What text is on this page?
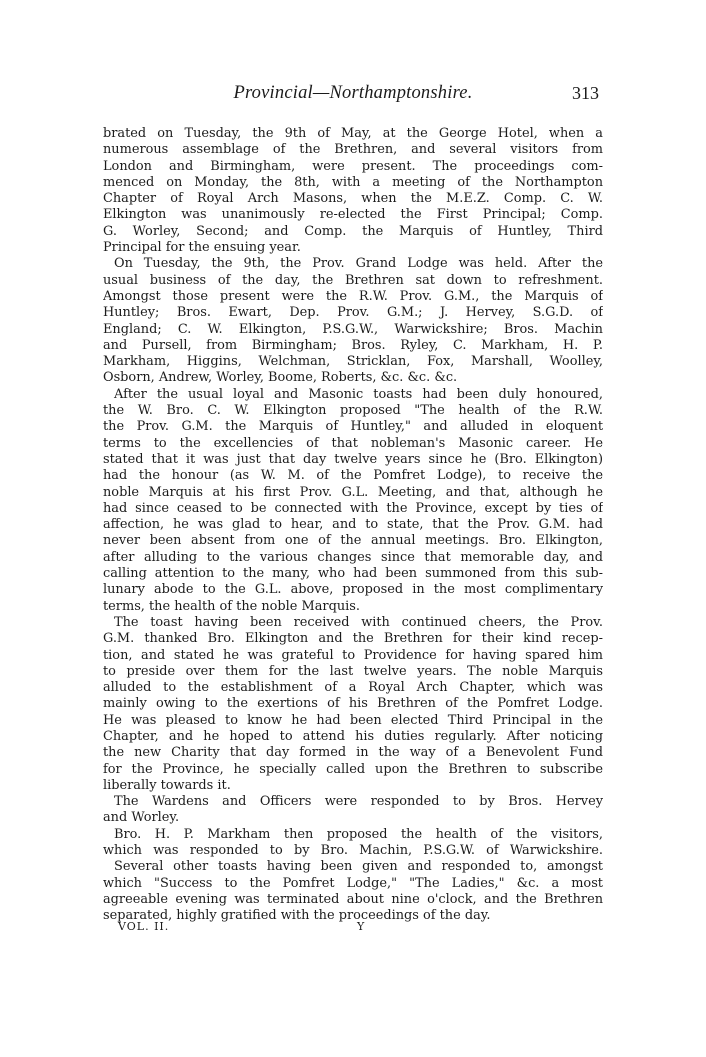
Provincial—Northamptonshire.	313
brated on Tuesday, the 9th of May, at the George Hotel, when a
numerous assemblage of the Brethren, and several visitors from
London and Birmingham, were present. The proceedings com-
menced on Monday, the 8th, with a meeting of the Northampton
Chapter of Royal Arch Masons, when the M.E.Z. Comp. C. W.
Elkington was unanimously re-elected the First Principal; Comp.
G. Worley, Second; and Comp. the Marquis of Huntley, Third
Principal for the ensuing year.
On Tuesday, the 9th, the Prov. Grand Lodge was held. After the
usual business of the day, the Brethren sat down to refreshment.
Amongst those present were the R.W. Prov. G.M., the Marquis of
Huntley; Bros. Ewart, Dep. Prov. G.M.; J. Hervey, S.G.D. of
England; C. W. Elkington, P.S.G.W., Warwickshire; Bros. Machin
and Pursell, from Birmingham; Bros. Ryley, C. Markham, H. P.
Markham, Higgins, Welchman, Stricklan, Fox, Marshall, Woolley,
Osborn, Andrew, Worley, Boome, Roberts, &c. &c. &c.
After the usual loyal and Masonic toasts had been duly honoured,
the W. Bro. C. W. Elkington proposed "The health of the R.W.
the Prov. G.M. the Marquis of Huntley," and alluded in eloquent
terms to the excellencies of that nobleman's Masonic career. He
stated that it was just that day twelve years since he (Bro. Elkington)
had the honour (as W. M. of the Pomfret Lodge), to receive the
noble Marquis at his first Prov. G.L. Meeting, and that, although he
had since ceased to be connected with the Province, except by ties of
affection, he was glad to hear, and to state, that the Prov. G.M. had
never been absent from one of the annual meetings. Bro. Elkington,
after alluding to the various changes since that memorable day, and
calling attention to the many, who had been summoned from this sub-
lunary abode to the G.L. above, proposed in the most complimentary
terms, the health of the noble Marquis.
The toast having been received with continued cheers, the Prov.
G.M. thanked Bro. Elkington and the Brethren for their kind recep-
tion, and stated he was grateful to Providence for having spared him
to preside over them for the last twelve years. The noble Marquis
alluded to the establishment of a Royal Arch Chapter, which was
mainly owing to the exertions of his Brethren of the Pomfret Lodge.
He was pleased to know he had been elected Third Principal in the
Chapter, and he hoped to attend his duties regularly. After noticing
the new Charity that day formed in the way of a Benevolent Fund
for the Province, he specially called upon the Brethren to subscribe
liberally towards it.
The Wardens and Officers were responded to by Bros. Hervey
and Worley.
Bro. H. P. Markham then proposed the health of the visitors,
which was responded to by Bro. Machin, P.S.G.W. of Warwickshire.
Several other toasts having been given and responded to, amongst
which "Success to the Pomfret Lodge," "The Ladies," &c. a most
agreeable evening was terminated about nine o'clock, and the Brethren
separated, highly gratified with the proceedings of the day.
VOL. II.	Y
